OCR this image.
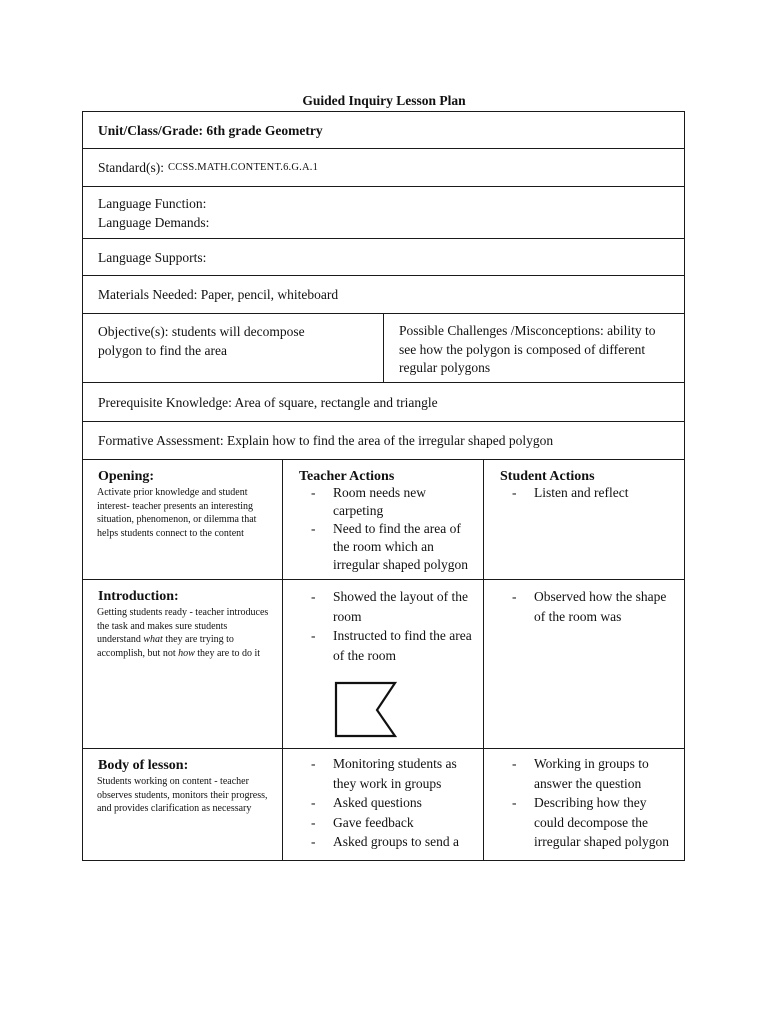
Guided Inquiry Lesson Plan
Unit/Class/Grade: 6th grade Geometry
Standard(s): CCSS.MATH.CONTENT.6.G.A.1
Language Function:
Language Demands:
Language Supports:
Materials Needed: Paper, pencil, whiteboard
Objective(s): students will decompose polygon to find the area
Possible Challenges /Misconceptions: ability to see how the polygon is composed of different regular polygons
Prerequisite Knowledge: Area of square, rectangle and triangle
Formative Assessment: Explain how to find the area of the irregular shaped polygon
Opening:
Activate prior knowledge and student interest- teacher presents an interesting situation, phenomenon, or dilemma that helps students connect to the content
Teacher Actions
- Room needs new carpeting
- Need to find the area of the room which an irregular shaped polygon
Student Actions
- Listen and reflect
Introduction:
Getting students ready - teacher introduces the task and makes sure students understand what they are trying to accomplish, but not how they are to do it
- Showed the layout of the room
- Instructed to find the area of the room
- Observed how the shape of the room was
Body of lesson:
Students working on content - teacher observes students, monitors their progress, and provides clarification as necessary
- Monitoring students as they work in groups
- Asked questions
- Gave feedback
- Asked groups to send a
- Working in groups to answer the question
- Describing how they could decompose the irregular shaped polygon
